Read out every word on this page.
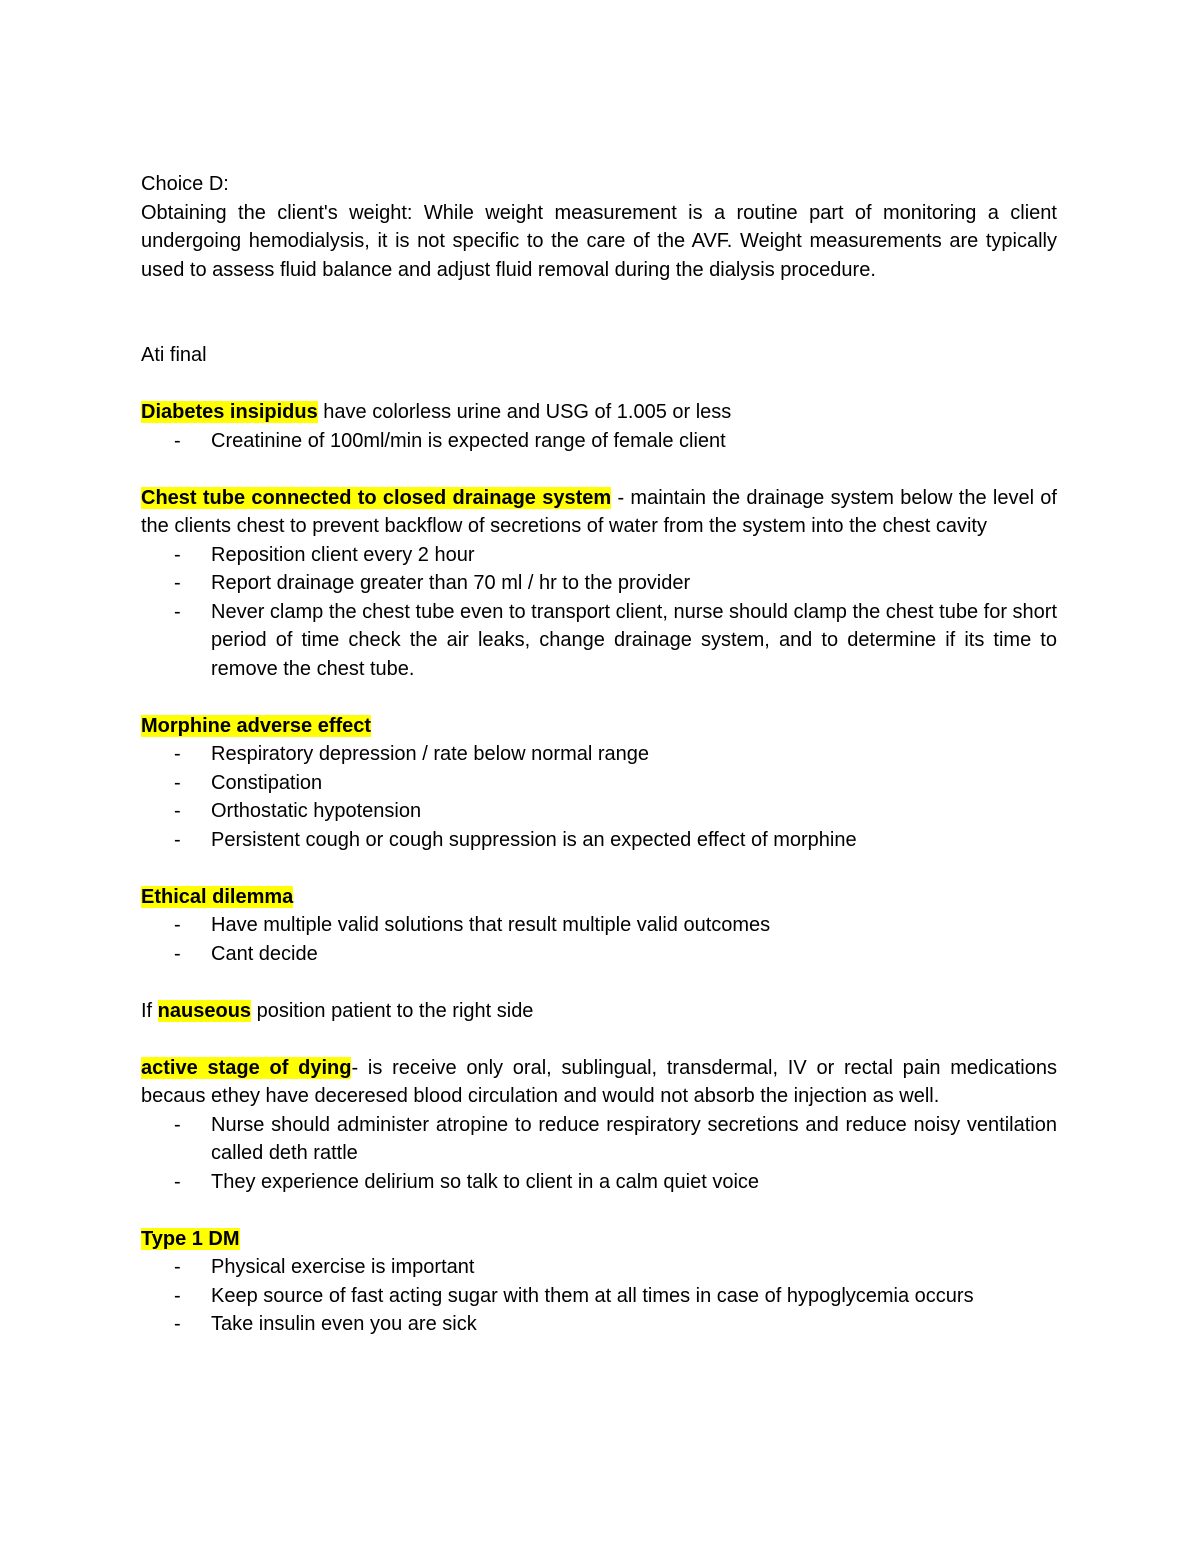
Choice D:

Obtaining the client's weight: While weight measurement is a routine part of monitoring a client undergoing hemodialysis, it is not specific to the care of the AVF. Weight measurements are typically used to assess fluid balance and adjust fluid removal during the dialysis procedure.

Ati final

Diabetes insipidus have colorless urine and USG of 1.005 or less

- Creatinine of 100ml/min is expected range of female client

Chest tube connected to closed drainage system - maintain the drainage system below the level of the clients chest to prevent backflow of secretions of water from the system into the chest cavity

- Reposition client every 2 hour
- Report drainage greater than 70 ml / hr to the provider
- Never clamp the chest tube even to transport client, nurse should clamp the chest tube for short period of time check the air leaks, change drainage system, and to determine if its time to remove the chest tube.

Morphine adverse effect

- Respiratory depression / rate below normal range
- Constipation
- Orthostatic hypotension
- Persistent cough or cough suppression is an expected effect of morphine

Ethical dilemma

- Have multiple valid solutions that result multiple valid outcomes
- Cant decide

If nauseous position patient to the right side

active stage of dying- is receive only oral, sublingual, transdermal, IV or rectal pain medications becaus ethey have deceresed blood circulation and would not absorb the injection as well.

- Nurse should administer atropine to reduce respiratory secretions and reduce noisy ventilation called deth rattle
- They experience delirium so talk to client in a calm quiet voice

Type 1 DM

- Physical exercise is important
- Keep source of fast acting sugar with them at all times in case of hypoglycemia occurs
- Take insulin even you are sick
